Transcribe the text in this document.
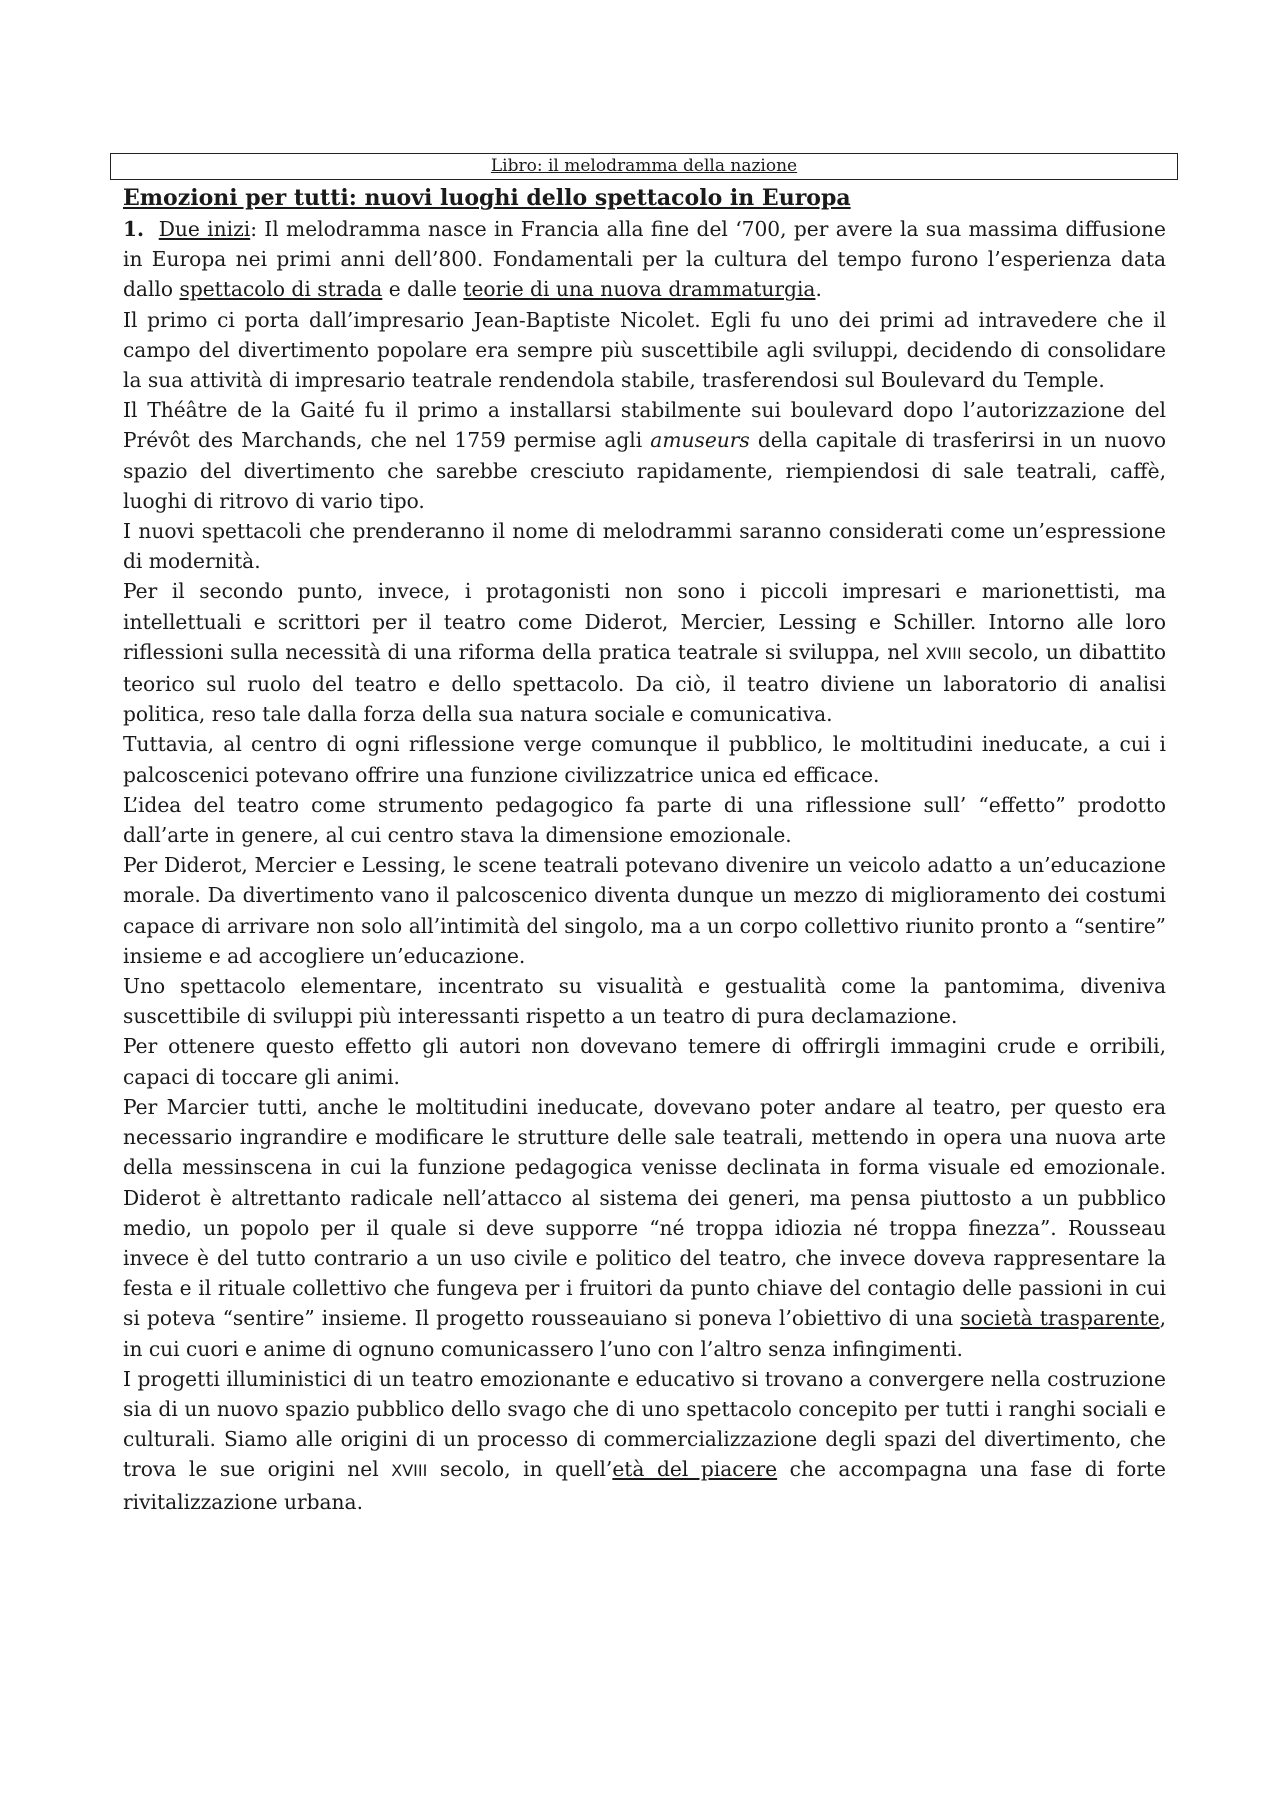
Libro: il melodramma della nazione
Emozioni per tutti: nuovi luoghi dello spettacolo in Europa

1. Due inizi: Il melodramma nasce in Francia alla fine del ‘700, per avere la sua massima diffusione in Europa nei primi anni dell’800. Fondamentali per la cultura del tempo furono l’esperienza data dallo spettacolo di strada e dalle teorie di una nuova drammaturgia.

Il primo ci porta dall’impresario Jean-Baptiste Nicolet. Egli fu uno dei primi ad intravedere che il campo del divertimento popolare era sempre più suscettibile agli sviluppi, decidendo di consolidare la sua attività di impresario teatrale rendendola stabile, trasferendosi sul Boulevard du Temple.

Il Théâtre de la Gaité fu il primo a installarsi stabilmente sui boulevard dopo l’autorizzazione del Prévôt des Marchands, che nel 1759 permise agli amuseurs della capitale di trasferirsi in un nuovo spazio del divertimento che sarebbe cresciuto rapidamente, riempiendosi di sale teatrali, caffè, luoghi di ritrovo di vario tipo.

I nuovi spettacoli che prenderanno il nome di melodrammi saranno considerati come un’espressione di modernità.

Per il secondo punto, invece, i protagonisti non sono i piccoli impresari e marionettisti, ma intellettuali e scrittori per il teatro come Diderot, Mercier, Lessing e Schiller. Intorno alle loro riflessioni sulla necessità di una riforma della pratica teatrale si sviluppa, nel XVIII secolo, un dibattito teorico sul ruolo del teatro e dello spettacolo. Da ciò, il teatro diviene un laboratorio di analisi politica, reso tale dalla forza della sua natura sociale e comunicativa.

Tuttavia, al centro di ogni riflessione verge comunque il pubblico, le moltitudini ineducate, a cui i palcoscenici potevano offrire una funzione civilizzatrice unica ed efficace.

L’idea del teatro come strumento pedagogico fa parte di una riflessione sull’ “effetto” prodotto dall’arte in genere, al cui centro stava la dimensione emozionale.

Per Diderot, Mercier e Lessing, le scene teatrali potevano divenire un veicolo adatto a un’educazione morale. Da divertimento vano il palcoscenico diventa dunque un mezzo di miglioramento dei costumi capace di arrivare non solo all’intimità del singolo, ma a un corpo collettivo riunito pronto a “sentire” insieme e ad accogliere un’educazione.

Uno spettacolo elementare, incentrato su visualità e gestualità come la pantomima, diveniva suscettibile di sviluppi più interessanti rispetto a un teatro di pura declamazione.

Per ottenere questo effetto gli autori non dovevano temere di offrirgli immagini crude e orribili, capaci di toccare gli animi.

Per Marcier tutti, anche le moltitudini ineducate, dovevano poter andare al teatro, per questo era necessario ingrandire e modificare le strutture delle sale teatrali, mettendo in opera una nuova arte della messinscena in cui la funzione pedagogica venisse declinata in forma visuale ed emozionale. Diderot è altrettanto radicale nell’attacco al sistema dei generi, ma pensa piuttosto a un pubblico medio, un popolo per il quale si deve supporre “né troppa idiozia né troppa finezza”. Rousseau invece è del tutto contrario a un uso civile e politico del teatro, che invece doveva rappresentare la festa e il rituale collettivo che fungeva per i fruitori da punto chiave del contagio delle passioni in cui si poteva “sentire” insieme. Il progetto rousseauiano si poneva l’obiettivo di una società trasparente, in cui cuori e anime di ognuno comunicassero l’uno con l’altro senza infingimenti.

I progetti illuministici di un teatro emozionante e educativo si trovano a convergere nella costruzione sia di un nuovo spazio pubblico dello svago che di uno spettacolo concepito per tutti i ranghi sociali e culturali. Siamo alle origini di un processo di commercializzazione degli spazi del divertimento, che trova le sue origini nel XVIII secolo, in quell’età del piacere che accompagna una fase di forte rivitalizzazione urbana.
